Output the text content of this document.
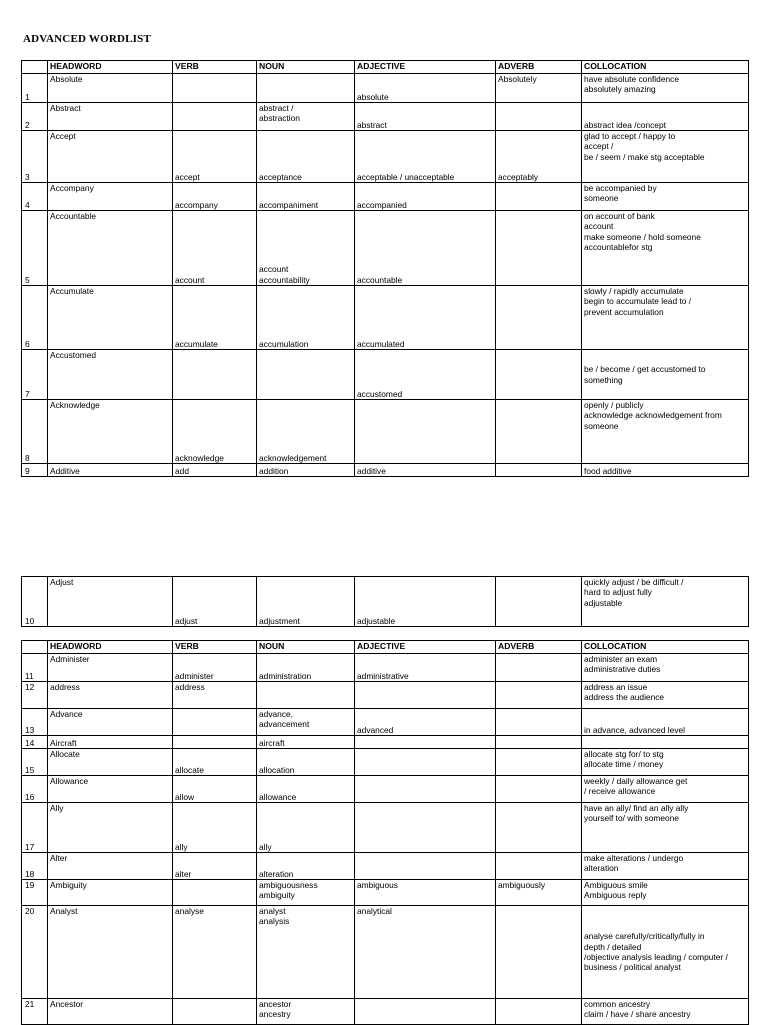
ADVANCED WORDLIST
	HEADWORD	VERB	NOUN	ADJECTIVE	ADVERB	COLLOCATION
1	Absolute			absolute	Absolutely	have absolute confidence
absolutely amazing
2	Abstract		abstract /
abstraction	abstract		abstract idea /concept
3	Accept	accept	acceptance	acceptable / unacceptable	acceptably	glad to accept / happy to
accept /
be / seem / make stg acceptable
4	Accompany	accompany	accompaniment	accompanied		be accompanied by
someone
5	Accountable	account	account
accountability	accountable		on account of bank
account
make someone / hold someone
accountablefor stg
6	Accumulate	accumulate	accumulation	accumulated		slowly / rapidly accumulate
begin to accumulate lead to /
prevent accumulation
7	Accustomed			accustomed		be / become / get accustomed to
something
8	Acknowledge	acknowledge	acknowledgement			openly / publicly
acknowledge acknowledgement from
someone
9	Additive	add	addition	additive		food additive
10	Adjust	adjust	adjustment	adjustable		quickly adjust / be difficult /
hard to adjust fully
adjustable
	HEADWORD	VERB	NOUN	ADJECTIVE	ADVERB	COLLOCATION
11	Administer	administer	administration	administrative		administer an exam
administrative duties
12	address	address				address an issue
address the audience
13	Advance		advance,
advancement	advanced		in advance, advanced level
14	Aircraft		aircraft			
15	Allocate	allocate	allocation			allocate stg for/ to stg
allocate time / money
16	Allowance	allow	allowance			weekly / daily allowance get
/ receive allowance
17	Ally	ally	ally			have an ally/ find an ally ally
yourself to/ with someone
18	Alter	alter	alteration			make alterations / undergo
alteration
19	Ambiguity		ambiguousness
ambiguity	ambiguous	ambiguously	Ambiguous smile
Ambiguous reply
20	Analyst	analyse	analyst
analysis	analytical		analyse carefully/critically/fully in
depth / detailed
/objective analysis leading / computer /
business / political analyst
21	Ancestor		ancestor
ancestry			common ancestry
claim / have / share ancestry
